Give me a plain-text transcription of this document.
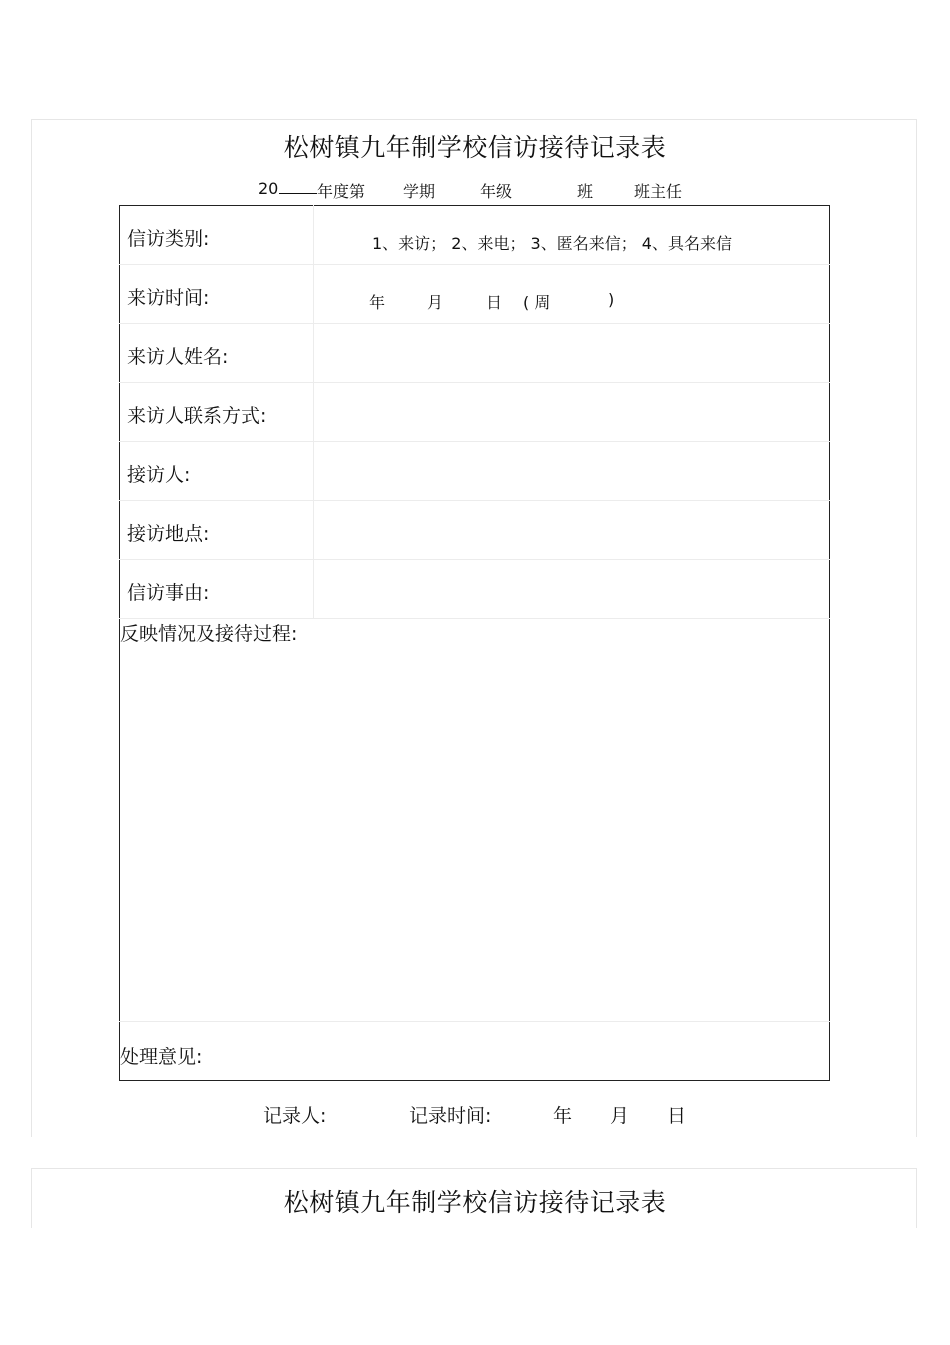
松树镇九年制学校信访接待记录表
20 年度第 学期	年级	班	班主任
信访类别:	1、来访； 2、来电； 3、匿名来信； 4、具名来信

来访时间:	年 月 日 ( 周 )

来访人姓名:	
来访人联系方式:	
接访人:	
接访地点:	
信访事由:	

反映情况及接待过程:	

处理意见:	
记录人:	记录时间:	年 月 日
松树镇九年制学校信访接待记录表
